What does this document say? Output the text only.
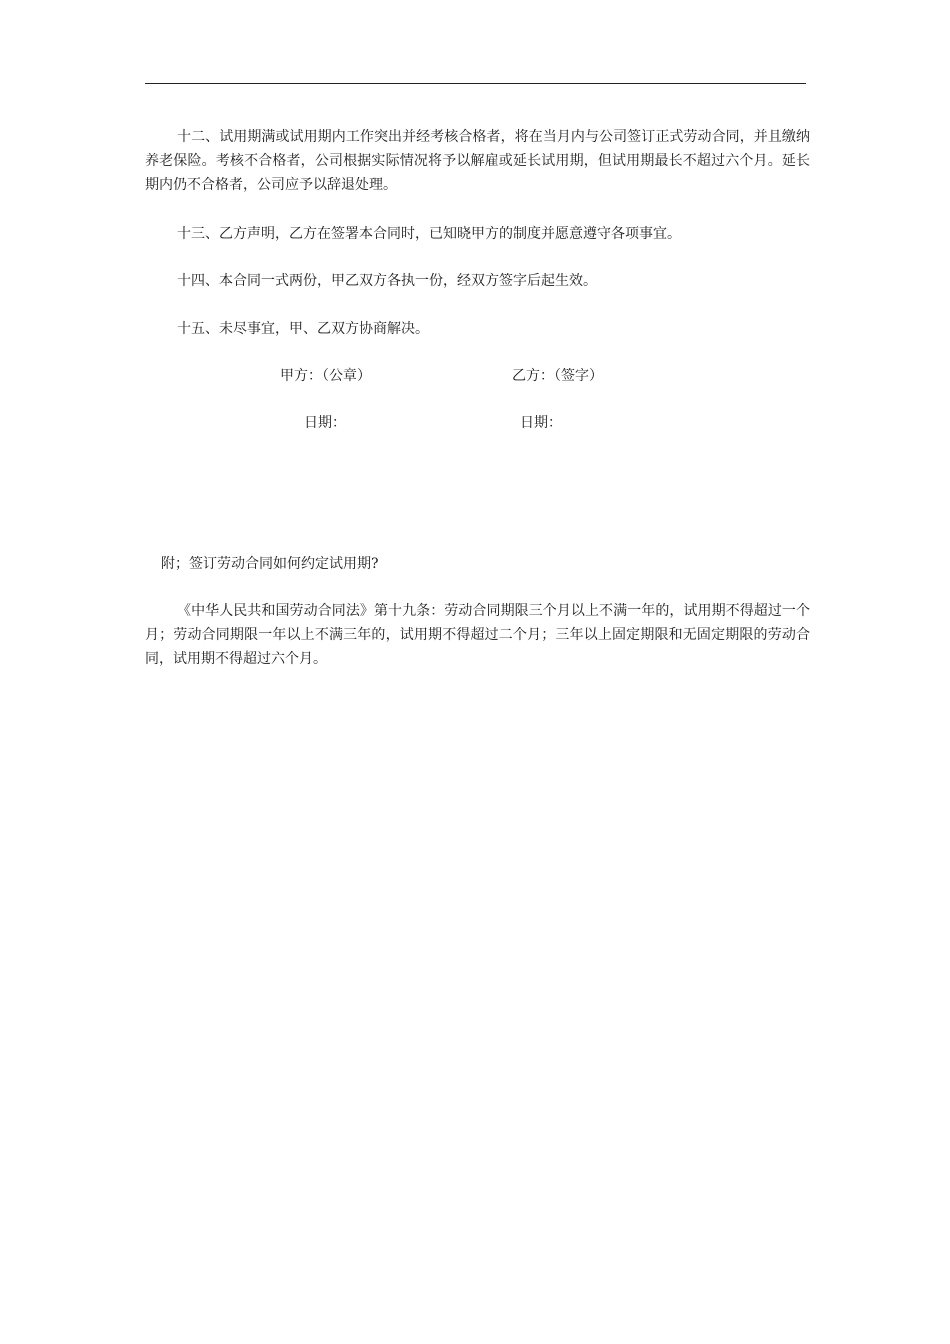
十二、试用期满或试用期内工作突出并经考核合格者，将在当月内与公司签订正式劳动合同，并且缴纳养老保险。考核不合格者，公司根据实际情况将予以解雇或延长试用期，但试用期最长不超过六个月。延长期内仍不合格者，公司应予以辞退处理。

十三、乙方声明，乙方在签署本合同时，已知晓甲方的制度并愿意遵守各项事宜。

十四、本合同一式两份，甲乙双方各执一份，经双方签字后起生效。

十五、未尽事宜，甲、乙双方协商解决。

甲方：（公章）	乙方：（签字）
日期：	日期：

附；签订劳动合同如何约定试用期?

《中华人民共和国劳动合同法》第十九条：劳动合同期限三个月以上不满一年的，试用期不得超过一个月；劳动合同期限一年以上不满三年的，试用期不得超过二个月；三年以上固定期限和无固定期限的劳动合同，试用期不得超过六个月。
